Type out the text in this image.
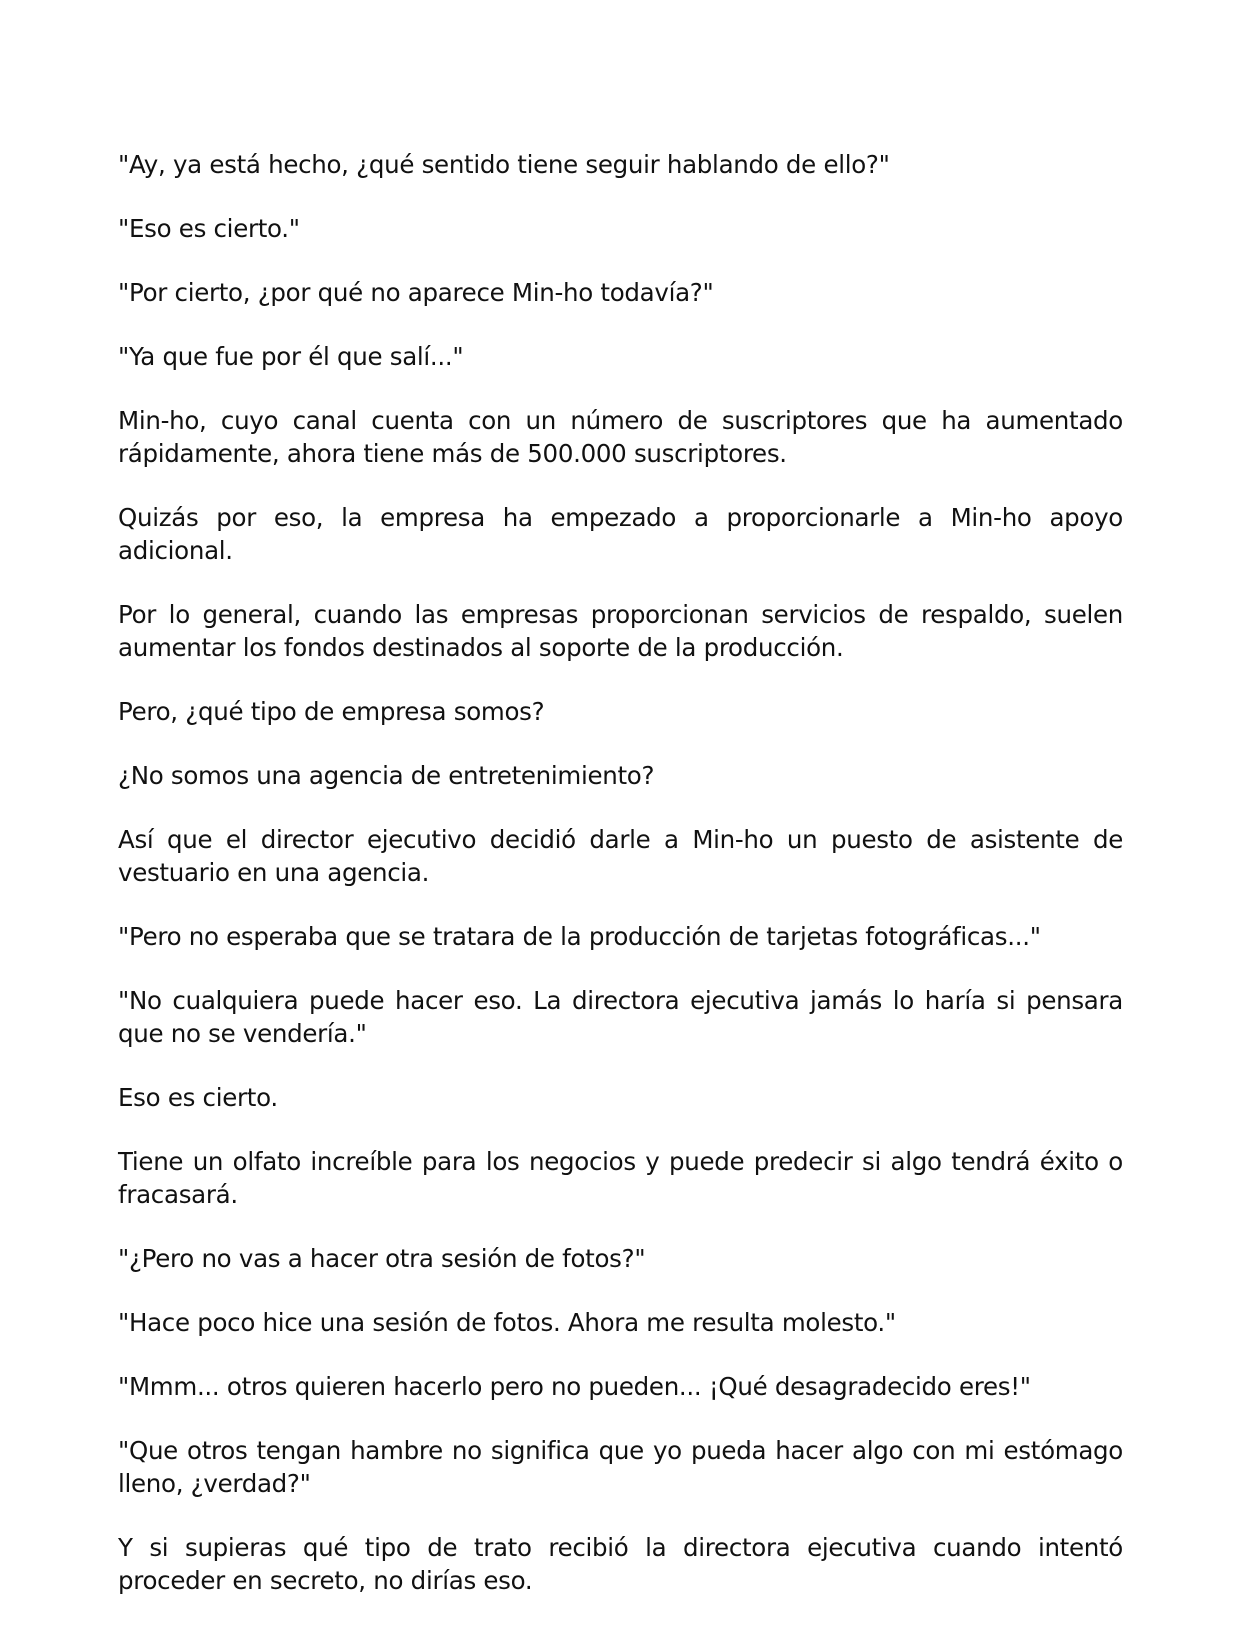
"Ay, ya está hecho, ¿qué sentido tiene seguir hablando de ello?"

"Eso es cierto."

"Por cierto, ¿por qué no aparece Min-ho todavía?"

"Ya que fue por él que salí..."

Min-ho, cuyo canal cuenta con un número de suscriptores que ha aumentado rápidamente, ahora tiene más de 500.000 suscriptores.

Quizás por eso, la empresa ha empezado a proporcionarle a Min-ho apoyo adicional.

Por lo general, cuando las empresas proporcionan servicios de respaldo, suelen aumentar los fondos destinados al soporte de la producción.

Pero, ¿qué tipo de empresa somos?

¿No somos una agencia de entretenimiento?

Así que el director ejecutivo decidió darle a Min-ho un puesto de asistente de vestuario en una agencia.

"Pero no esperaba que se tratara de la producción de tarjetas fotográficas..."

"No cualquiera puede hacer eso. La directora ejecutiva jamás lo haría si pensara que no se vendería."

Eso es cierto.

Tiene un olfato increíble para los negocios y puede predecir si algo tendrá éxito o fracasará.

"¿Pero no vas a hacer otra sesión de fotos?"

"Hace poco hice una sesión de fotos. Ahora me resulta molesto."

"Mmm... otros quieren hacerlo pero no pueden... ¡Qué desagradecido eres!"

"Que otros tengan hambre no significa que yo pueda hacer algo con mi estómago lleno, ¿verdad?"

Y si supieras qué tipo de trato recibió la directora ejecutiva cuando intentó proceder en secreto, no dirías eso.
